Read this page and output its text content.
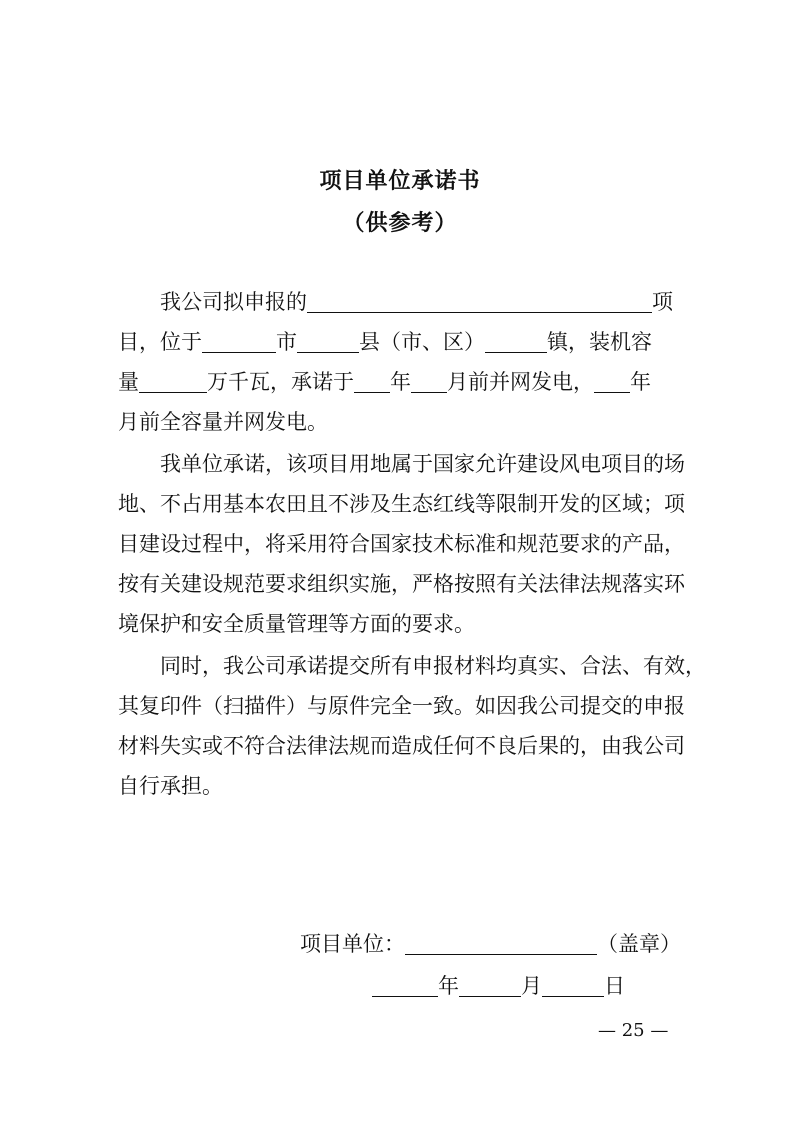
项目单位承诺书
（供参考）
我公司拟申报的	项
目，位于	市	县（市、区）	镇，装机容
量	万千瓦，承诺于 年 月前并网发电， 年
月前全容量并网发电。
我单位承诺，该项目用地属于国家允许建设风电项目的场
地、不占用基本农田且不涉及生态红线等限制开发的区域；项
目建设过程中，将采用符合国家技术标准和规范要求的产品，
按有关建设规范要求组织实施，严格按照有关法律法规落实环
境保护和安全质量管理等方面的要求。
同时，我公司承诺提交所有申报材料均真实、合法、有效，
其复印件（扫描件）与原件完全一致。如因我公司提交的申报
材料失实或不符合法律法规而造成任何不良后果的，由我公司
自行承担。
项目单位：	（盖章）
年	月	日
— 25 —
